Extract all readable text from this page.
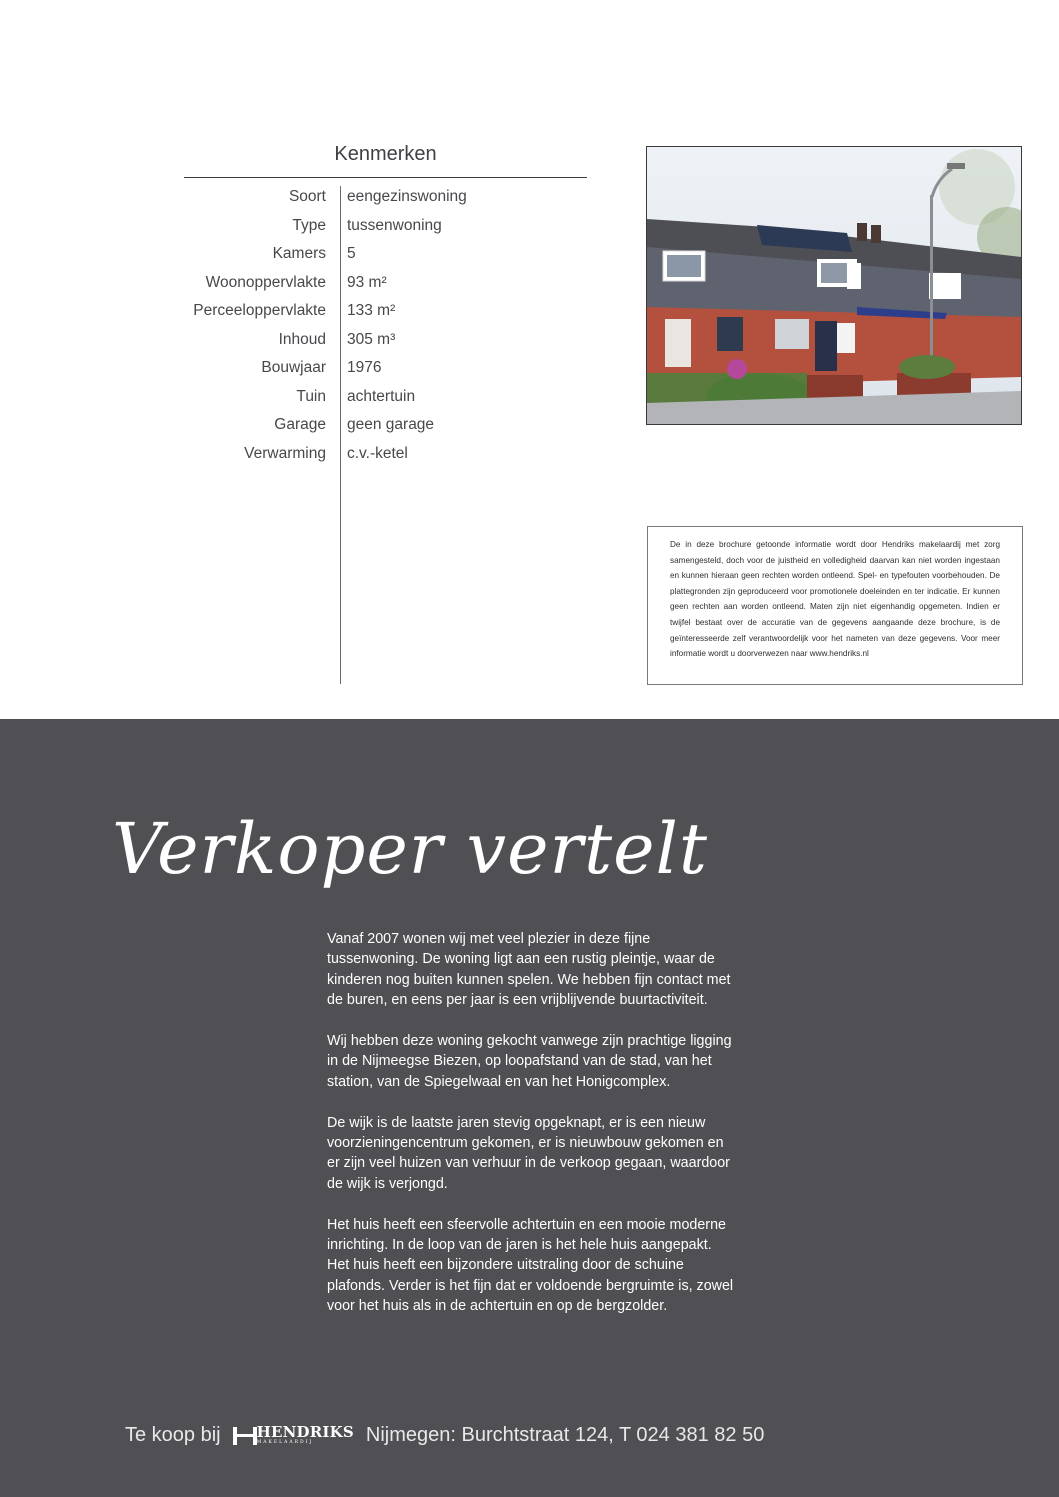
Kenmerken
Soort eengezinswoning
Type tussenwoning
Kamers 5
Woonoppervlakte 93 m²
Perceeloppervlakte 133 m²
Inhoud 305 m³
Bouwjaar 1976
Tuin achtertuin
Garage geen garage
Verwarming c.v.-ketel
De in deze brochure getoonde informatie wordt door Hendriks makelaardij met zorg samengesteld, doch voor de juistheid en volledigheid daarvan kan niet worden ingestaan en kunnen hieraan geen rechten worden ontleend. Spel- en typefouten voorbehouden. De plattegronden zijn geproduceerd voor promotionele doeleinden en ter indicatie. Er kunnen geen rechten aan worden ontleend. Maten zijn niet eigenhandig opgemeten. Indien er twijfel bestaat over de accuratie van de gegevens aangaande deze brochure, is de geïnteresseerde zelf verantwoordelijk voor het nameten van deze gegevens. Voor meer informatie wordt u doorverwezen naar www.hendriks.nl
Verkoper vertelt

Vanaf 2007 wonen wij met veel plezier in deze fijne tussenwoning. De woning ligt aan een rustig pleintje, waar de kinderen nog buiten kunnen spelen. We hebben fijn contact met de buren, en eens per jaar is een vrijblijvende buurtactiviteit.

Wij hebben deze woning gekocht vanwege zijn prachtige ligging in de Nijmeegse Biezen, op loopafstand van de stad, van het station, van de Spiegelwaal en van het Honigcomplex.

De wijk is de laatste jaren stevig opgeknapt, er is een nieuw voorzieningencentrum gekomen, er is nieuwbouw gekomen en er zijn veel huizen van verhuur in de verkoop gegaan, waardoor de wijk is verjongd.

Het huis heeft een sfeervolle achtertuin en een mooie moderne inrichting. In de loop van de jaren is het hele huis aangepakt. Het huis heeft een bijzondere uitstraling door de schuine plafonds. Verder is het fijn dat er voldoende bergruimte is, zowel voor het huis als in de achtertuin en op de bergzolder.

Te koop bij HENDRIKS
MAKELAARDIJ	Nijmegen: Burchtstraat 124, T 024 381 82 50
